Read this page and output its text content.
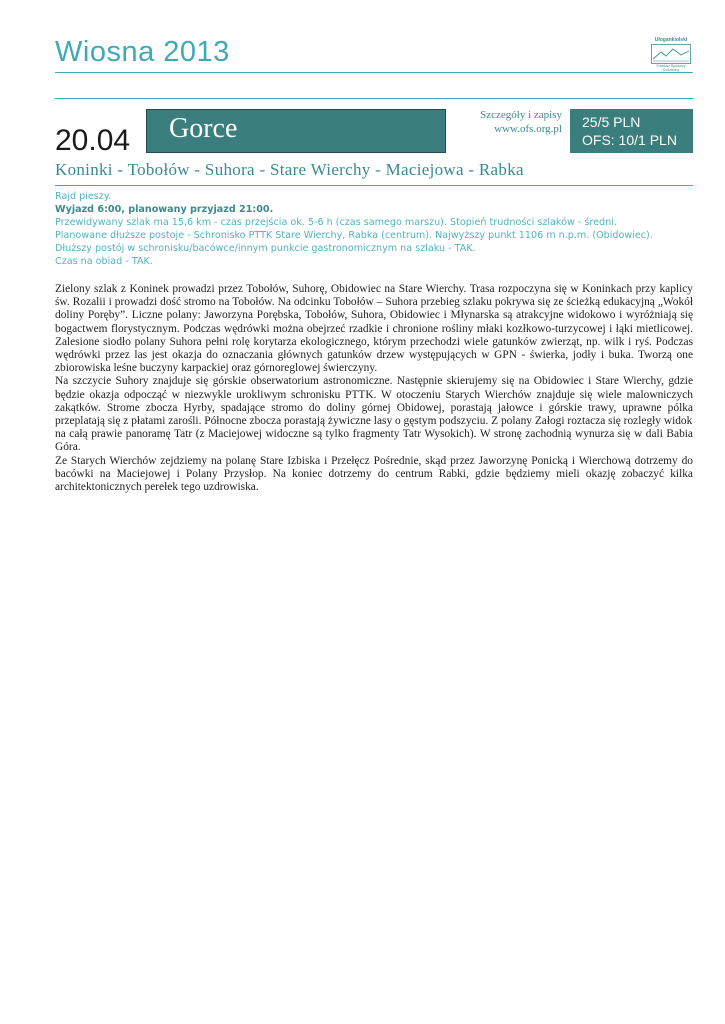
Wiosna 2013	Ułogankiolski
Fundusz Sportowy Codzienny
20.04 Gorce	Szczegóły i zapisy
www.ofs.org.pl 25/5 PLN
OFS: 10/1 PLN
Koninki - Tobołów - Suhora - Stare Wierchy - Maciejowa - Rabka
Rajd pieszy.
Wyjazd 6:00, planowany przyjazd 21:00.
Przewidywany szlak ma 15,6 km - czas przejścia ok. 5-6 h (czas samego marszu). Stopień trudności szlaków - średni.
Planowane dłuższe postoje - Schronisko PTTK Stare Wierchy, Rabka (centrum). Najwyższy punkt 1106 m n.p.m. (Obidowiec).
Dłuższy postój w schronisku/bacówce/innym punkcie gastronomicznym na szlaku - TAK.
Czas na obiad - TAK.

Zielony szlak z Koninek prowadzi przez Tobołów, Suhorę, Obidowiec na Stare Wierchy. Trasa rozpoczyna się w Koninkach przy kaplicy św. Rozalii i prowadzi dość stromo na Tobołów. Na odcinku Tobołów – Suhora przebieg szlaku pokrywa się ze ścieżką edukacyjną „Wokół doliny Poręby”. Liczne polany: Jaworzyna Porębska, Tobołów, Suhora, Obidowiec i Młynarska są atrakcyjne widokowo i wyróżniają się bogactwem florystycznym. Podczas wędrówki można obejrzeć rzadkie i chronione rośliny młaki kozłkowo-turzycowej i łąki mietlicowej. Zalesione siodło polany Suhora pełni rolę korytarza ekologicznego, którym przechodzi wiele gatunków zwierząt, np. wilk i ryś. Podczas wędrówki przez las jest okazja do oznaczania głównych gatunków drzew występujących w GPN - świerka, jodły i buka. Tworzą one zbiorowiska leśne buczyny karpackiej oraz górnoreglowej świerczyny.

Na szczycie Suhory znajduje się górskie obserwatorium astronomiczne. Następnie skierujemy się na Obidowiec i Stare Wierchy, gdzie będzie okazja odpocząć w niezwykle urokliwym schronisku PTTK. W otoczeniu Starych Wierchów znajduje się wiele malowniczych zakątków. Strome zbocza Hyrby, spadające stromo do doliny górnej Obidowej, porastają jałowce i górskie trawy, uprawne pólka przeplatają się z płatami zarośli. Północne zbocza porastają żywiczne lasy o gęstym podszyciu. Z polany Załogi roztacza się rozległy widok

na całą prawie panoramę Tatr (z Maciejowej widoczne są tylko fragmenty Tatr Wysokich). W stronę zachodnią wynurza się w dali Babia Góra.

Ze Starych Wierchów zejdziemy na polanę Stare Izbiska i Przełęcz Pośrednie, skąd przez Jaworzynę Ponicką i Wierchową dotrzemy do bacówki na Maciejowej i Polany Przysłop. Na koniec dotrzemy do centrum Rabki, gdzie będziemy mieli okazję zobaczyć kilka architektonicznych perełek tego uzdrowiska.
